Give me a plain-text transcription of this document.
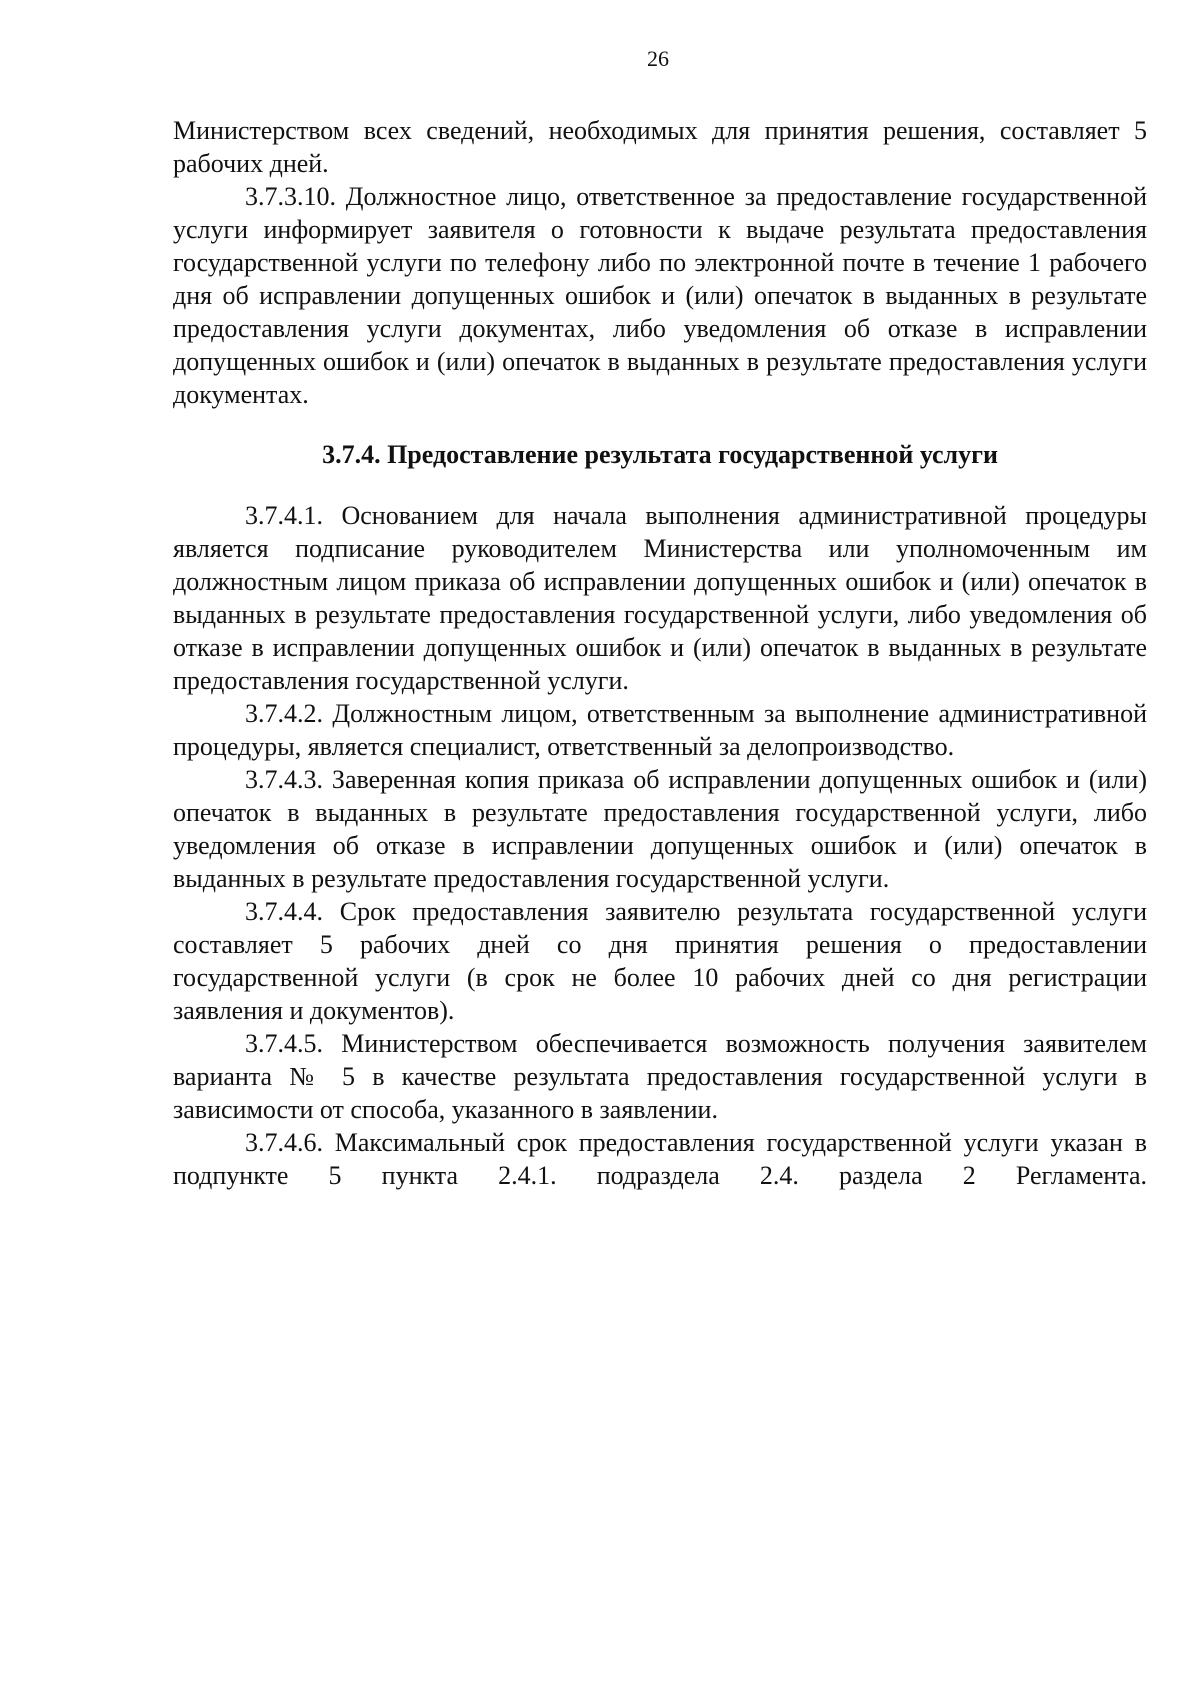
26

Министерством всех сведений, необходимых для принятия решения, составляет 5 рабочих дней.

3.7.3.10. Должностное лицо, ответственное за предоставление государственной услуги информирует заявителя о готовности к выдаче результата предоставления государственной услуги по телефону либо по электронной почте в течение 1 рабочего дня об исправлении допущенных ошибок и (или) опечаток в выданных в результате предоставления услуги документах, либо уведомления об отказе в исправлении допущенных ошибок и (или) опечаток в выданных в результате предоставления услуги документах.

3.7.4. Предоставление результата государственной услуги

3.7.4.1. Основанием для начала выполнения административной процедуры является подписание руководителем Министерства или уполномоченным им должностным лицом приказа об исправлении допущенных ошибок и (или) опечаток в выданных в результате предоставления государственной услуги, либо уведомления об отказе в исправлении допущенных ошибок и (или) опечаток в выданных в результате предоставления государственной услуги.

3.7.4.2. Должностным лицом, ответственным за выполнение административной процедуры, является специалист, ответственный за делопроизводство.

3.7.4.3. Заверенная копия приказа об исправлении допущенных ошибок и (или) опечаток в выданных в результате предоставления государственной услуги, либо уведомления об отказе в исправлении допущенных ошибок и (или) опечаток в выданных в результате предоставления государственной услуги.

3.7.4.4. Срок предоставления заявителю результата государственной услуги составляет 5 рабочих дней со дня принятия решения о предоставлении государственной услуги (в срок не более 10 рабочих дней со дня регистрации заявления и документов).

3.7.4.5. Министерством обеспечивается возможность получения заявителем варианта № 5 в качестве результата предоставления государственной услуги в зависимости от способа, указанного в заявлении.

3.7.4.6. Максимальный срок предоставления государственной услуги указан в подпункте 5 пункта 2.4.1. подраздела 2.4. раздела 2 Регламента.
